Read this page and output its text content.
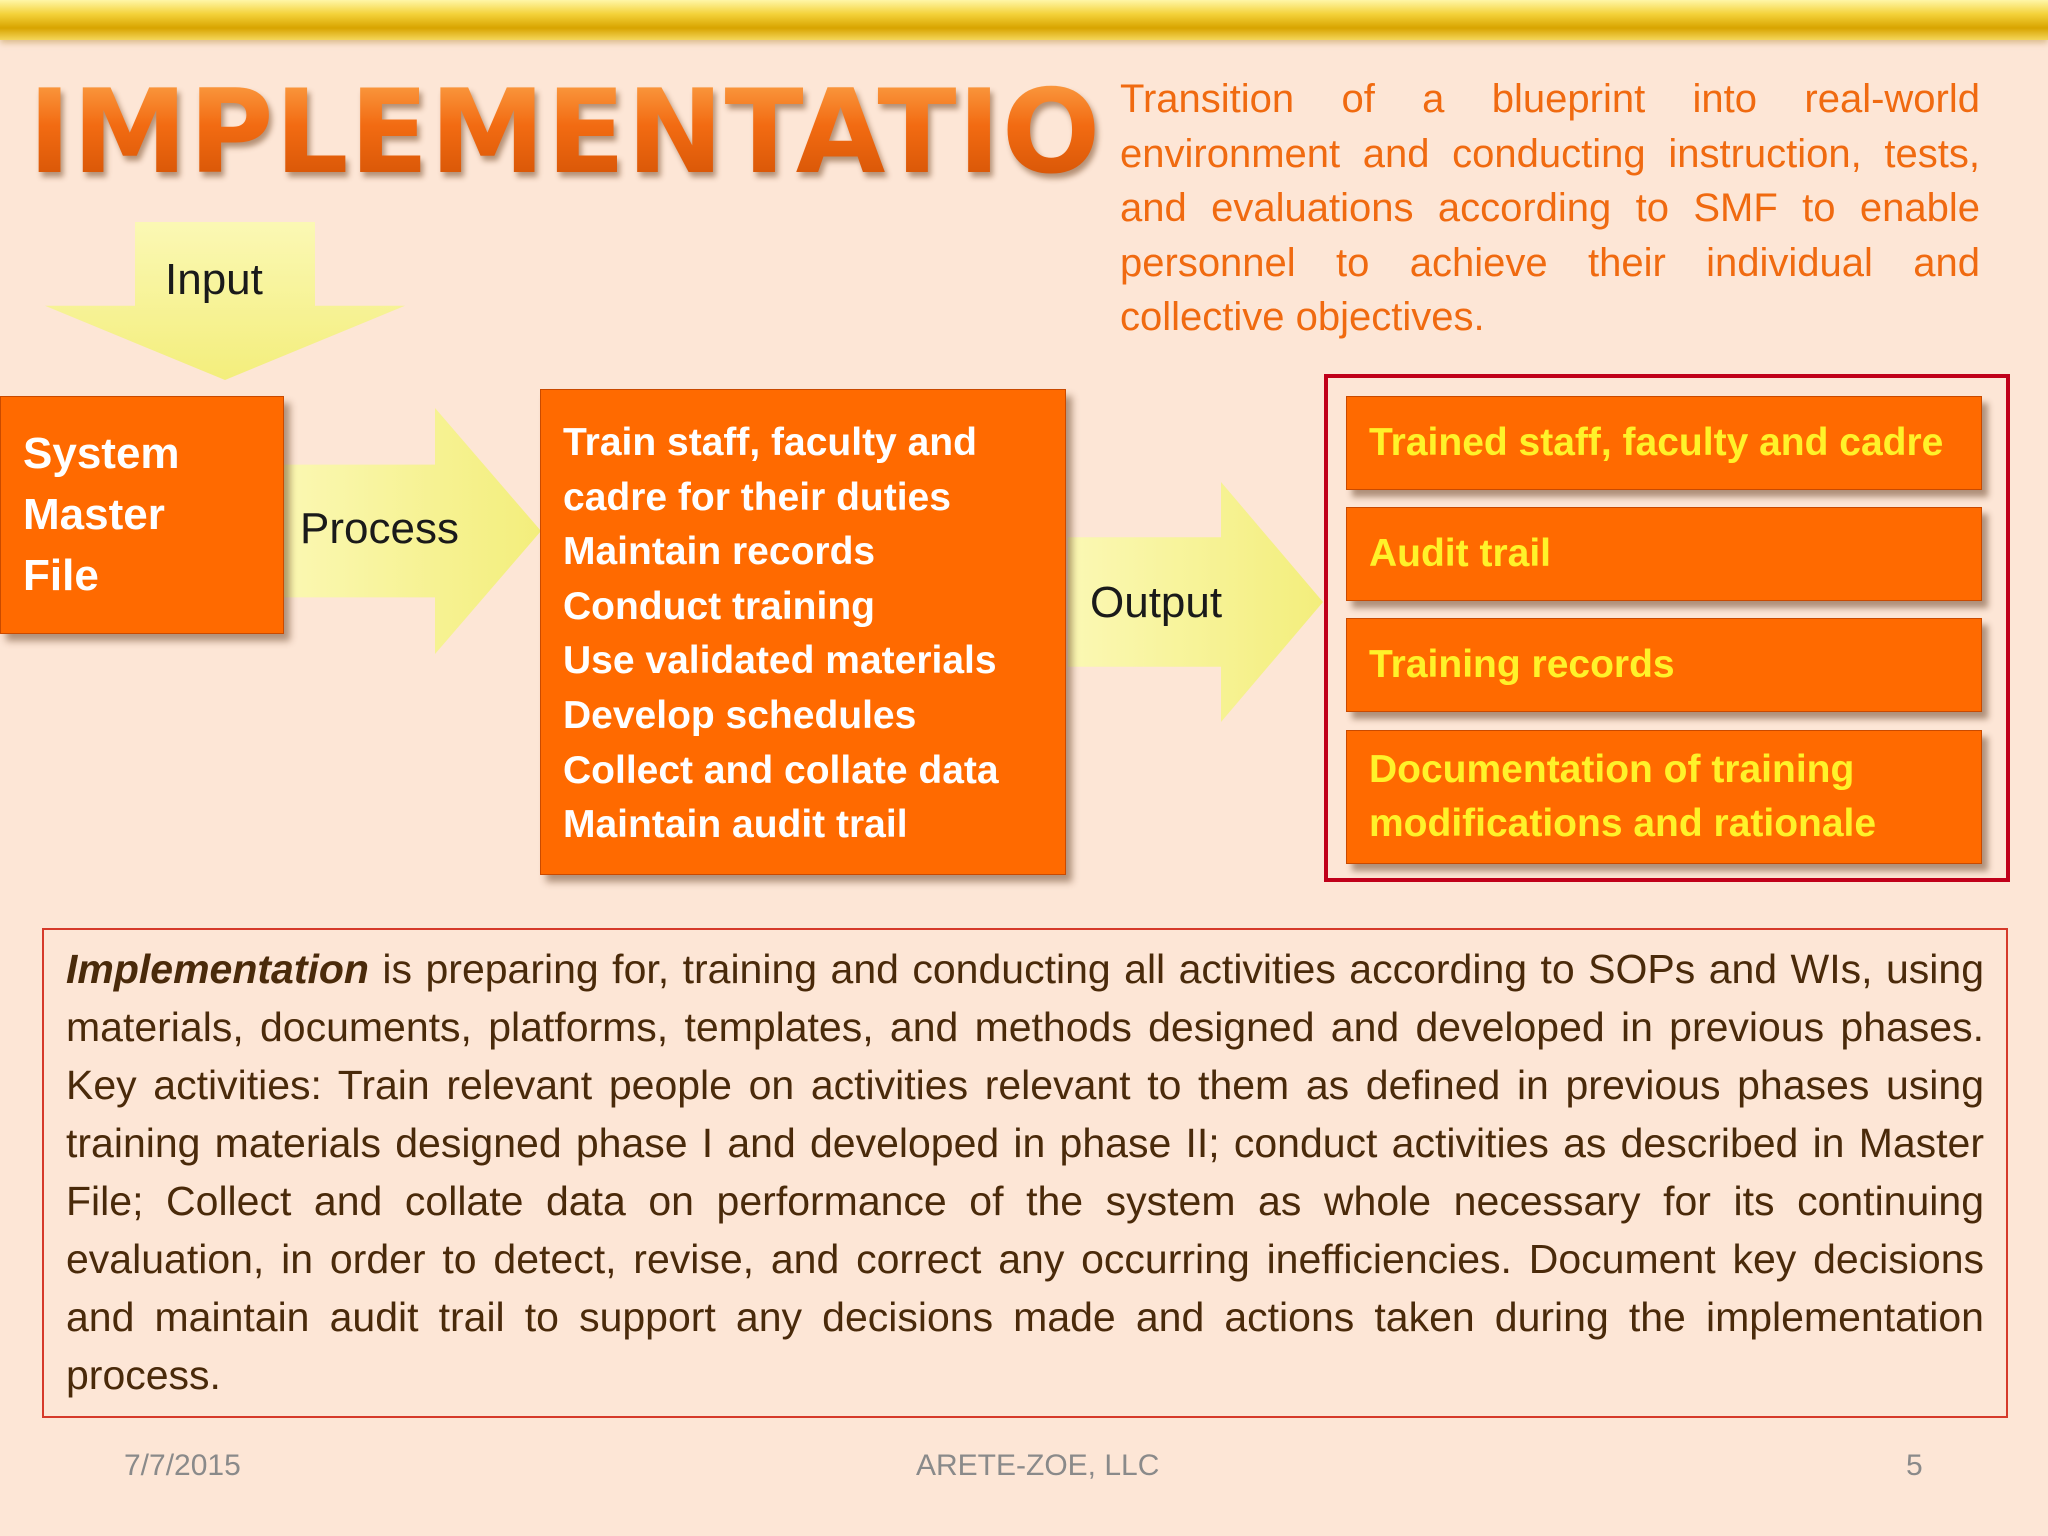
IMPLEMENTATION

Transition of a blueprint into real-world environment and conducting instruction, tests, and evaluations according to SMF to enable personnel to achieve their individual and collective objectives.

System
Master
File
Input
Process
Output
Train staff, faculty and
cadre for their duties
Maintain records
Conduct training
Use validated materials
Develop schedules
Collect and collate data
Maintain audit trail
Trained staff, faculty and cadre
Audit trail
Training records
Documentation of training modifications and rationale

Implementation is preparing for, training and conducting all activities according to SOPs and WIs, using materials, documents, platforms, templates, and methods designed and developed in previous phases. Key activities: Train relevant people on activities relevant to them as defined in previous phases using training materials designed phase I and developed in phase II; conduct activities as described in Master File; Collect and collate data on performance of the system as whole necessary for its continuing evaluation, in order to detect, revise, and correct any occurring inefficiencies. Document key decisions and maintain audit trail to support any decisions made and actions taken during the implementation process.

7/7/2015	ARETE-ZOE, LLC	5
